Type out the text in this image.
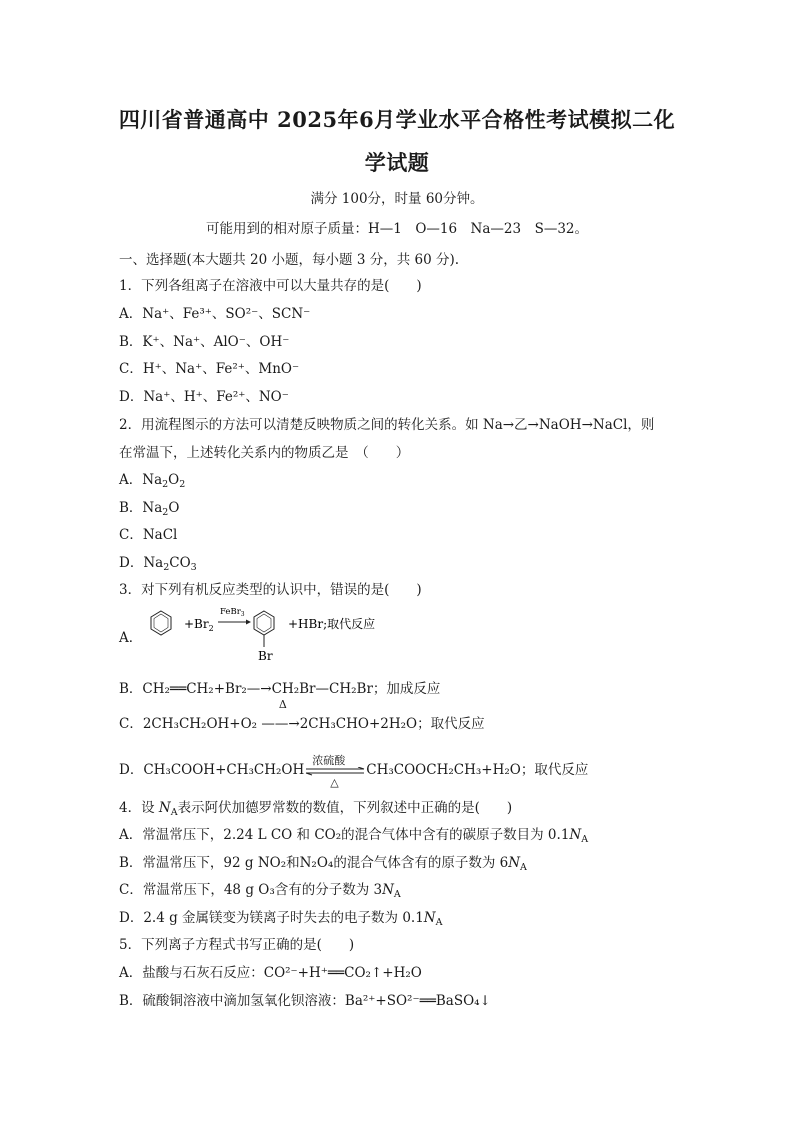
四川省普通高中 2025年6月学业水平合格性考试模拟二化
学试题
满分 100分，时量 60分钟。
可能用到的相对原子质量：H—1　O—16　Na—23　S—32。
一、选择题(本大题共 20 小题，每小题 3 分，共 60 分).
1．下列各组离子在溶液中可以大量共存的是(　　)
A．Na⁺、Fe³⁺、SO²⁻、SCN⁻
B．K⁺、Na⁺、AlO⁻、OH⁻
C．H⁺、Na⁺、Fe²⁺、MnO⁻
D．Na⁺、H⁺、Fe²⁺、NO⁻
2．用流程图示的方法可以清楚反映物质之间的转化关系。如 Na→乙→NaOH→NaCl，则
在常温下，上述转化关系内的物质乙是　（　　）
A．$Na_2O_2$
B．$Na_2O$
C．NaCl
D．$Na_2CO_3$
3．对下列有机反应类型的认识中，错误的是(　　)
A．
$+Br_2$
FeBr$_3$
Br
+HBr;取代反应
B．CH₂══CH₂+Br₂—→CH₂Br—CH₂Br；加成反应
C．2CH₃CH₂OH+O₂ —
Δ
—→2CH₃CHO+2H₂O；取代反应
D．CH₃COOH+CH₃CH₂OH
浓硫酸
△
CH₃COOCH₂CH₃+H₂O；取代反应
4．设 $N_A$表示阿伏加德罗常数的数值，下列叙述中正确的是(　　)
A．常温常压下，2.24 L CO 和 CO₂的混合气体中含有的碳原子数目为 $0.1N_A$
B．常温常压下，92 g NO₂和N₂O₄的混合气体含有的原子数为 $6N_A$
C．常温常压下，48 g O₃含有的分子数为 $3N_A$
D．2.4 g 金属镁变为镁离子时失去的电子数为 $0.1N_A$
5．下列离子方程式书写正确的是(　　)
A．盐酸与石灰石反应：CO²⁻+H⁺══CO₂↑+H₂O
B．硫酸铜溶液中滴加氢氧化钡溶液：Ba²⁺+SO²⁻══BaSO₄↓
